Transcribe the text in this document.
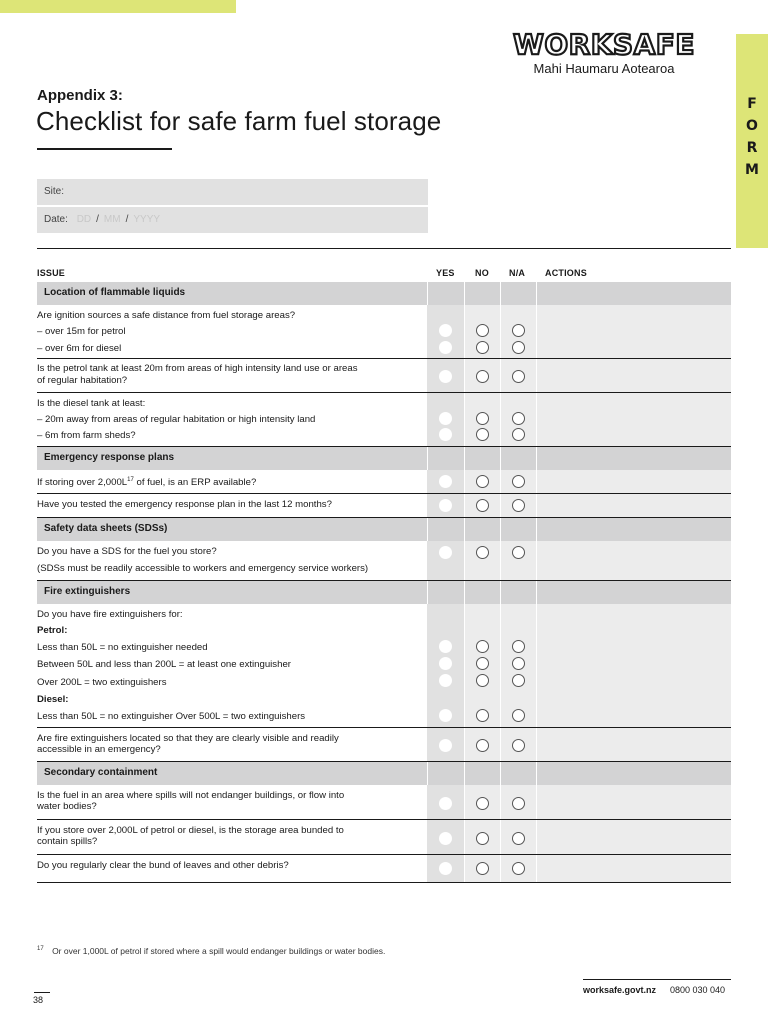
F
O
R
M
WORKSAFE
Mahi Haumaru Aotearoa
Appendix 3:
Checklist for safe farm fuel storage
Site:
Date: DD / MM / YYYY
ISSUE	YES NO N/A ACTIONS
Location of flammable liquids
Are ignition sources a safe distance from fuel storage areas?
– over 15m for petrol
– over 6m for diesel
Is the petrol tank at least 20m from areas of high intensity land use or areas
of regular habitation?
Is the diesel tank at least:
– 20m away from areas of regular habitation or high intensity land
– 6m from farm sheds?
Emergency response plans
If storing over $2,000L^{17}$ of fuel, is an ERP available?
Have you tested the emergency response plan in the last 12 months?
Safety data sheets (SDSs)
Do you have a SDS for the fuel you store?
(SDSs must be readily accessible to workers and emergency service workers)
Fire extinguishers
Do you have fire extinguishers for:
Petrol:
Less than 50L = no extinguisher needed
Between 50L and less than 200L = at least one extinguisher
Over 200L = two extinguishers
Diesel:
Less than 50L = no extinguisher Over 500L = two extinguishers
Are fire extinguishers located so that they are clearly visible and readily
accessible in an emergency?
Secondary containment
Is the fuel in an area where spills will not endanger buildings, or flow into
water bodies?
If you store over 2,000L of petrol or diesel, is the storage area bunded to
contain spills?
Do you regularly clear the bund of leaves and other debris?
$^{17}$ Or over 1,000L of petrol if stored where a spill would endanger buildings or water bodies.
worksafe.govt.nz 0800 030 040
38
